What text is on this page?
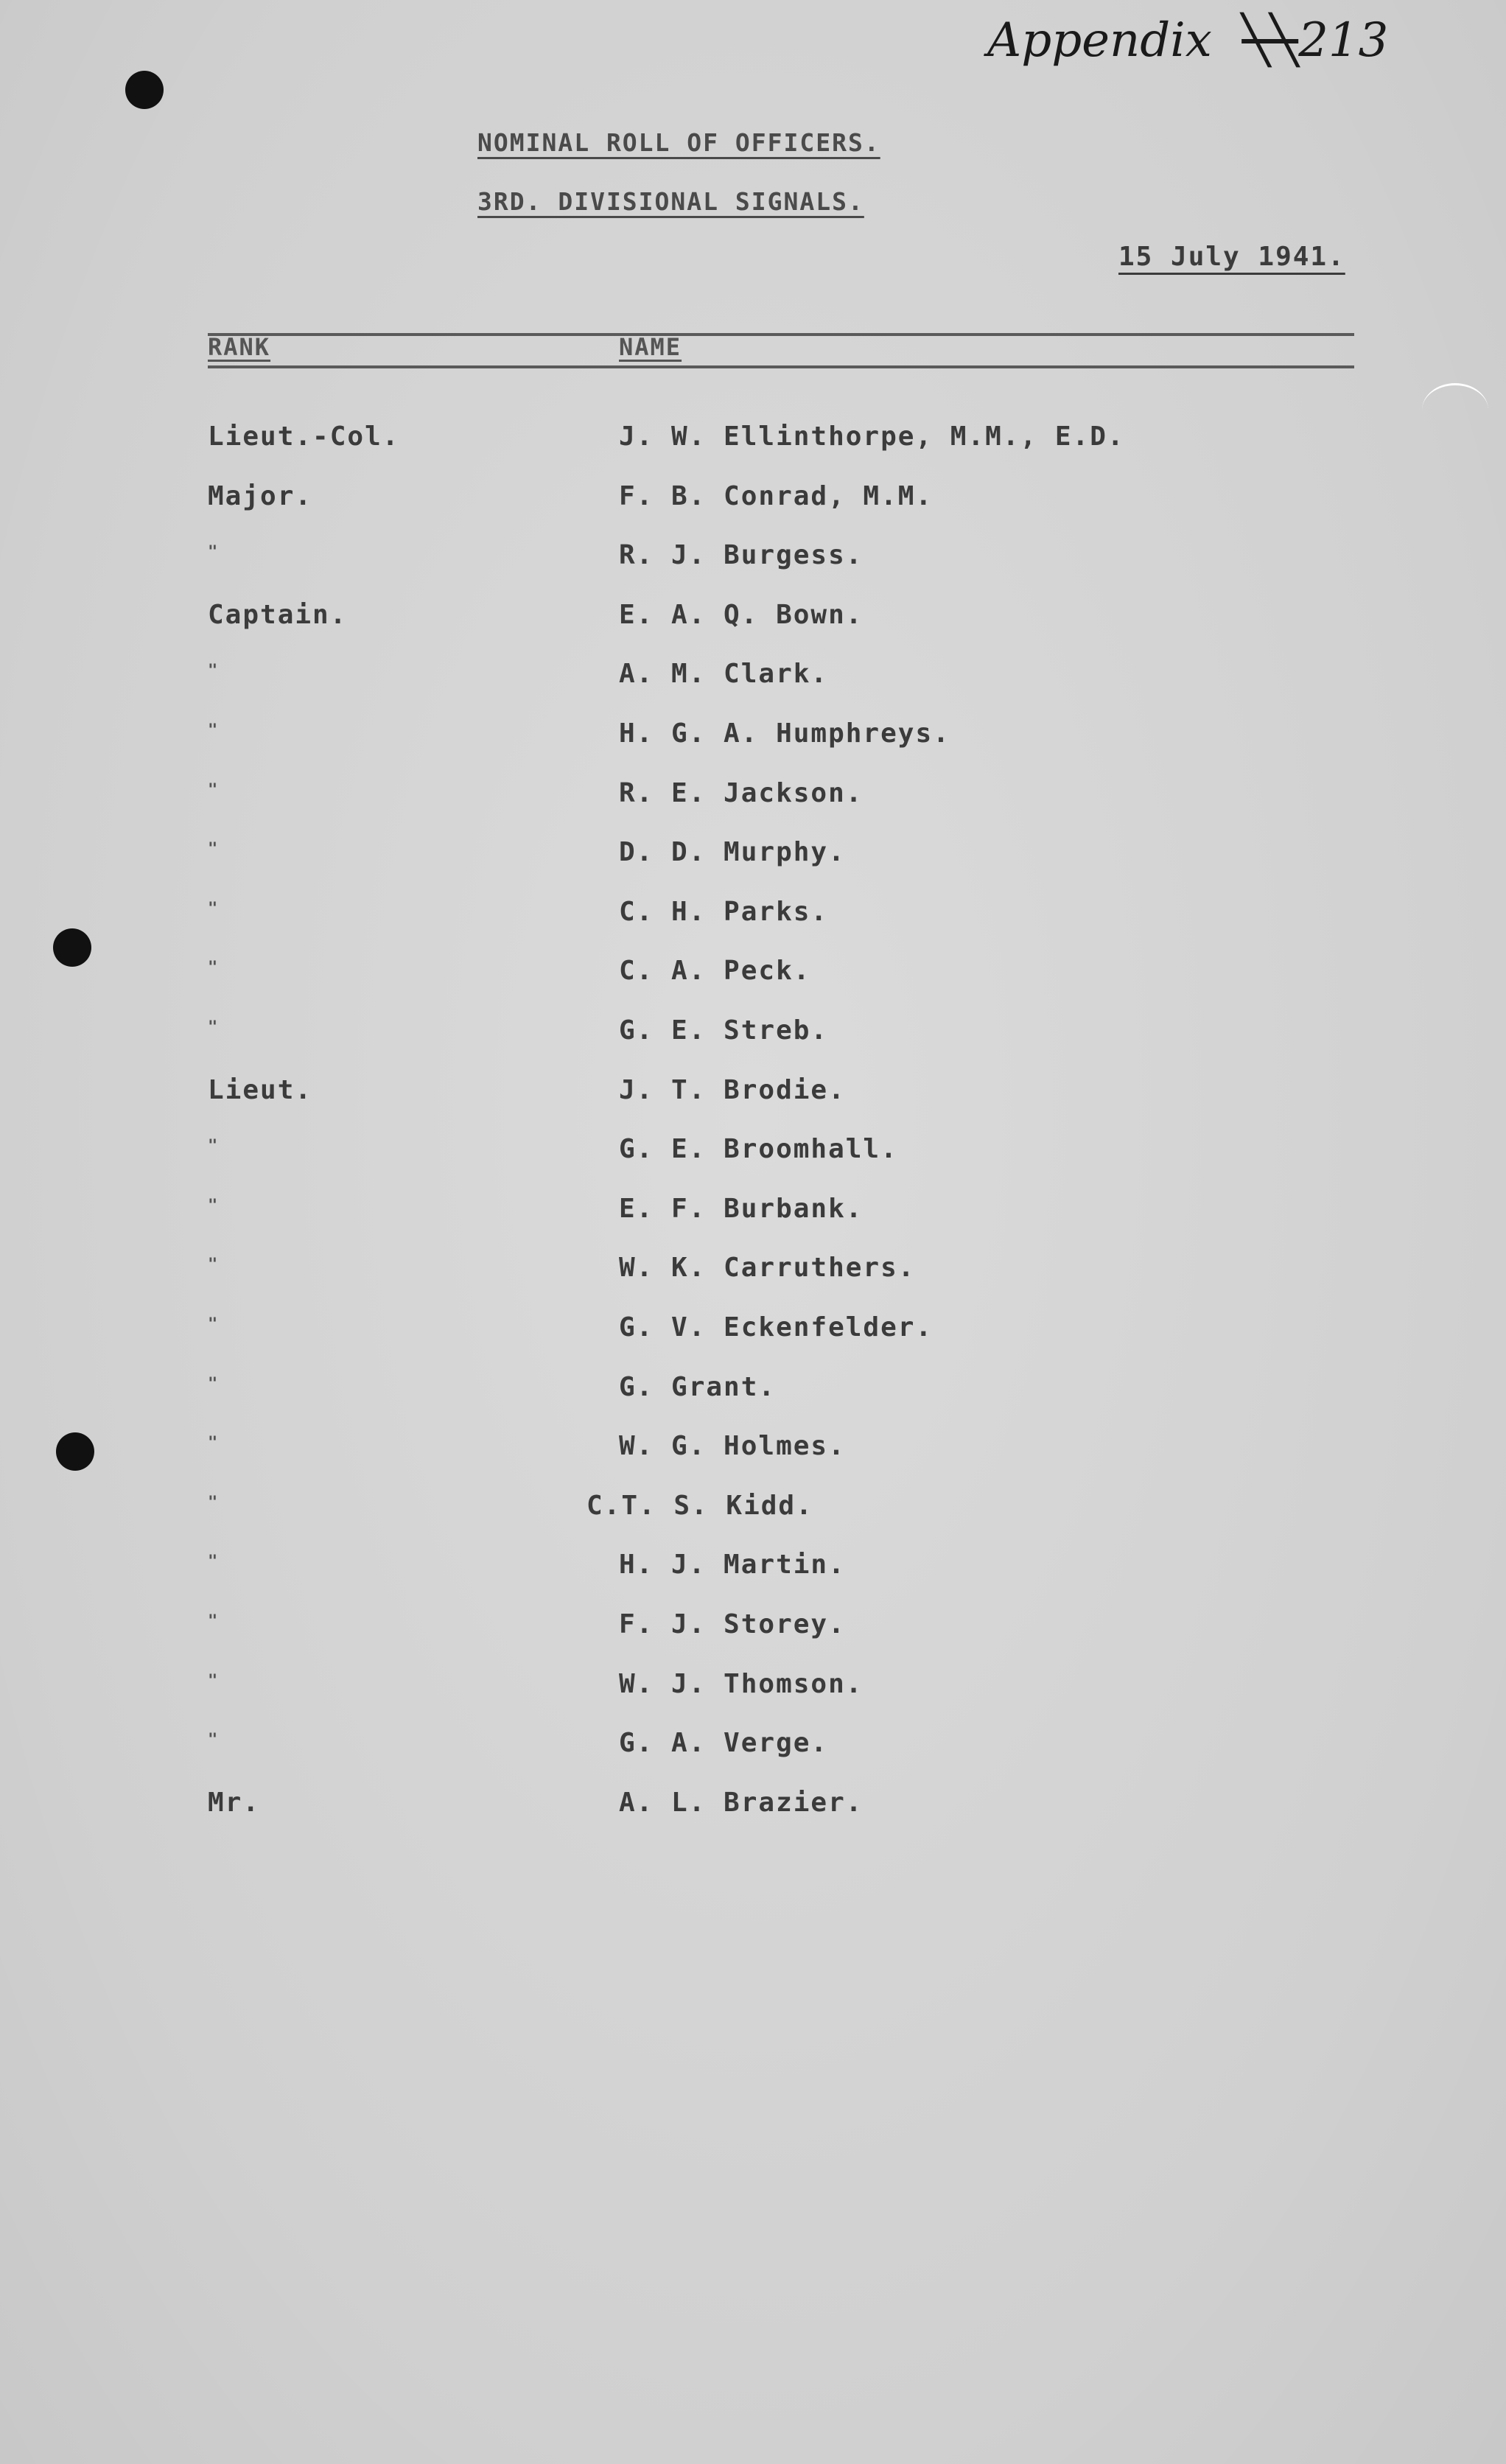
Appendix ╲╲213
NOMINAL ROLL OF OFFICERS.
3RD. DIVISIONAL SIGNALS.
15 July 1941.
RANK	NAME
Lieut.-Col.	J. W. Ellinthorpe, M.M., E.D.
Major.	F. B. Conrad, M.M.
"	R. J. Burgess.
Captain.	E. A. Q. Bown.
"	A. M. Clark.
"	H. G. A. Humphreys.
"	R. E. Jackson.
"	D. D. Murphy.
"	C. H. Parks.
"	C. A. Peck.
"	G. E. Streb.
Lieut.	J. T. Brodie.
"	G. E. Broomhall.
"	E. F. Burbank.
"	W. K. Carruthers.
"	G. V. Eckenfelder.
"	G. Grant.
"	W. G. Holmes.
"	C.T. S. Kidd.
"	H. J. Martin.
"	F. J. Storey.
"	W. J. Thomson.
"	G. A. Verge.
Mr.	A. L. Brazier.
